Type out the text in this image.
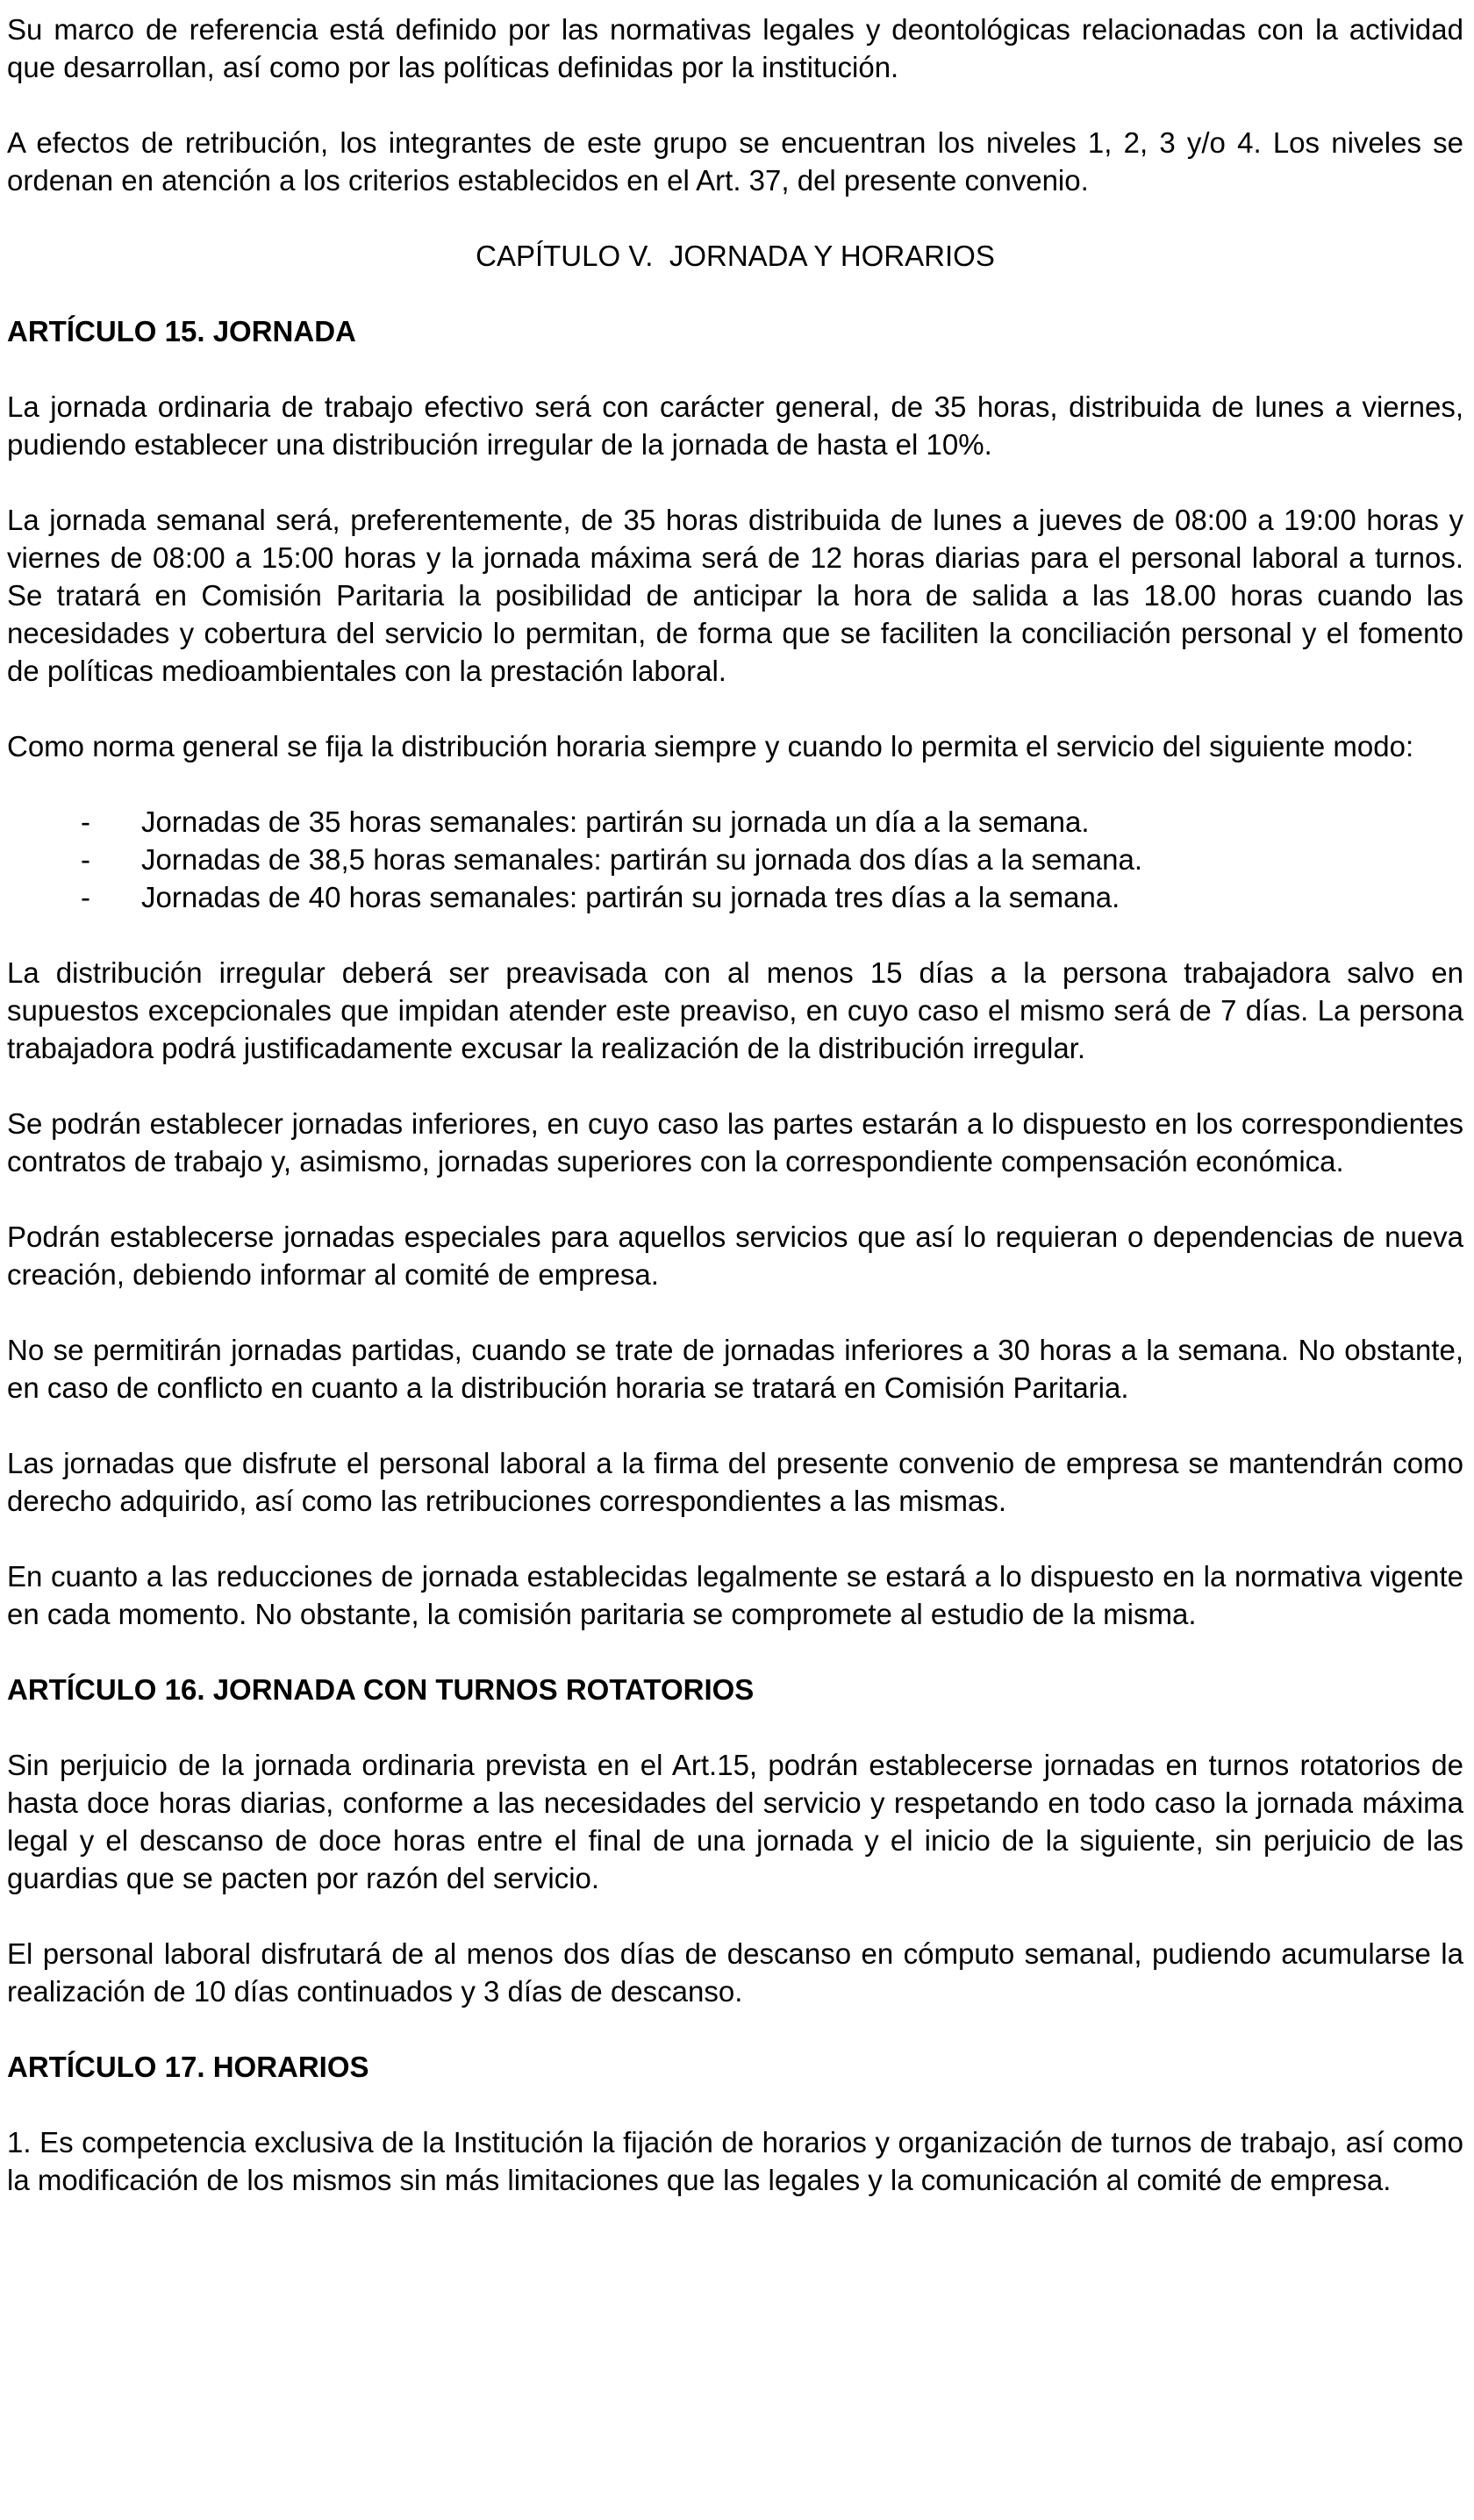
Su marco de referencia está definido por las normativas legales y deontológicas relacionadas con la actividad que desarrollan, así como por las políticas definidas por la institución.

A efectos de retribución, los integrantes de este grupo se encuentran los niveles 1, 2, 3 y/o 4. Los niveles se ordenan en atención a los criterios establecidos en el Art. 37, del presente convenio.

CAPÍTULO V.  JORNADA Y HORARIOS
ARTÍCULO 15. JORNADA

La jornada ordinaria de trabajo efectivo será con carácter general, de 35 horas, distribuida de lunes a viernes, pudiendo establecer una distribución irregular de la jornada de hasta el 10%.

La jornada semanal será, preferentemente, de 35 horas distribuida de lunes a jueves de 08:00 a 19:00 horas y viernes de 08:00 a 15:00 horas y la jornada máxima será de 12 horas diarias para el personal laboral a turnos. Se tratará en Comisión Paritaria la posibilidad de anticipar la hora de salida a las 18.00 horas cuando las necesidades y cobertura del servicio lo permitan, de forma que se faciliten la conciliación personal y el fomento de políticas medioambientales con la prestación laboral.

Como norma general se fija la distribución horaria siempre y cuando lo permita el servicio del siguiente modo:

-	Jornadas de 35 horas semanales: partirán su jornada un día a la semana.
-	Jornadas de 38,5 horas semanales: partirán su jornada dos días a la semana.
-	Jornadas de 40 horas semanales: partirán su jornada tres días a la semana.

La distribución irregular deberá ser preavisada con al menos 15 días a la persona trabajadora salvo en supuestos excepcionales que impidan atender este preaviso, en cuyo caso el mismo será de 7 días. La persona trabajadora podrá justificadamente excusar la realización de la distribución irregular.

Se podrán establecer jornadas inferiores, en cuyo caso las partes estarán a lo dispuesto en los correspondientes contratos de trabajo y, asimismo, jornadas superiores con la correspondiente compensación económica.

Podrán establecerse jornadas especiales para aquellos servicios que así lo requieran o dependencias de nueva creación, debiendo informar al comité de empresa.

No se permitirán jornadas partidas, cuando se trate de jornadas inferiores a 30 horas a la semana. No obstante, en caso de conflicto en cuanto a la distribución horaria se tratará en Comisión Paritaria.

Las jornadas que disfrute el personal laboral a la firma del presente convenio de empresa se mantendrán como derecho adquirido, así como las retribuciones correspondientes a las mismas.

En cuanto a las reducciones de jornada establecidas legalmente se estará a lo dispuesto en la normativa vigente en cada momento. No obstante, la comisión paritaria se compromete al estudio de la misma.

ARTÍCULO 16. JORNADA CON TURNOS ROTATORIOS

Sin perjuicio de la jornada ordinaria prevista en el Art.15, podrán establecerse jornadas en turnos rotatorios de hasta doce horas diarias, conforme a las necesidades del servicio y respetando en todo caso la jornada máxima legal y el descanso de doce horas entre el final de una jornada y el inicio de la siguiente, sin perjuicio de las guardias que se pacten por razón del servicio.

El personal laboral disfrutará de al menos dos días de descanso en cómputo semanal, pudiendo acumularse la realización de 10 días continuados y 3 días de descanso.

ARTÍCULO 17. HORARIOS

1. Es competencia exclusiva de la Institución la fijación de horarios y organización de turnos de trabajo, así como la modificación de los mismos sin más limitaciones que las legales y la comunicación al comité de empresa.
